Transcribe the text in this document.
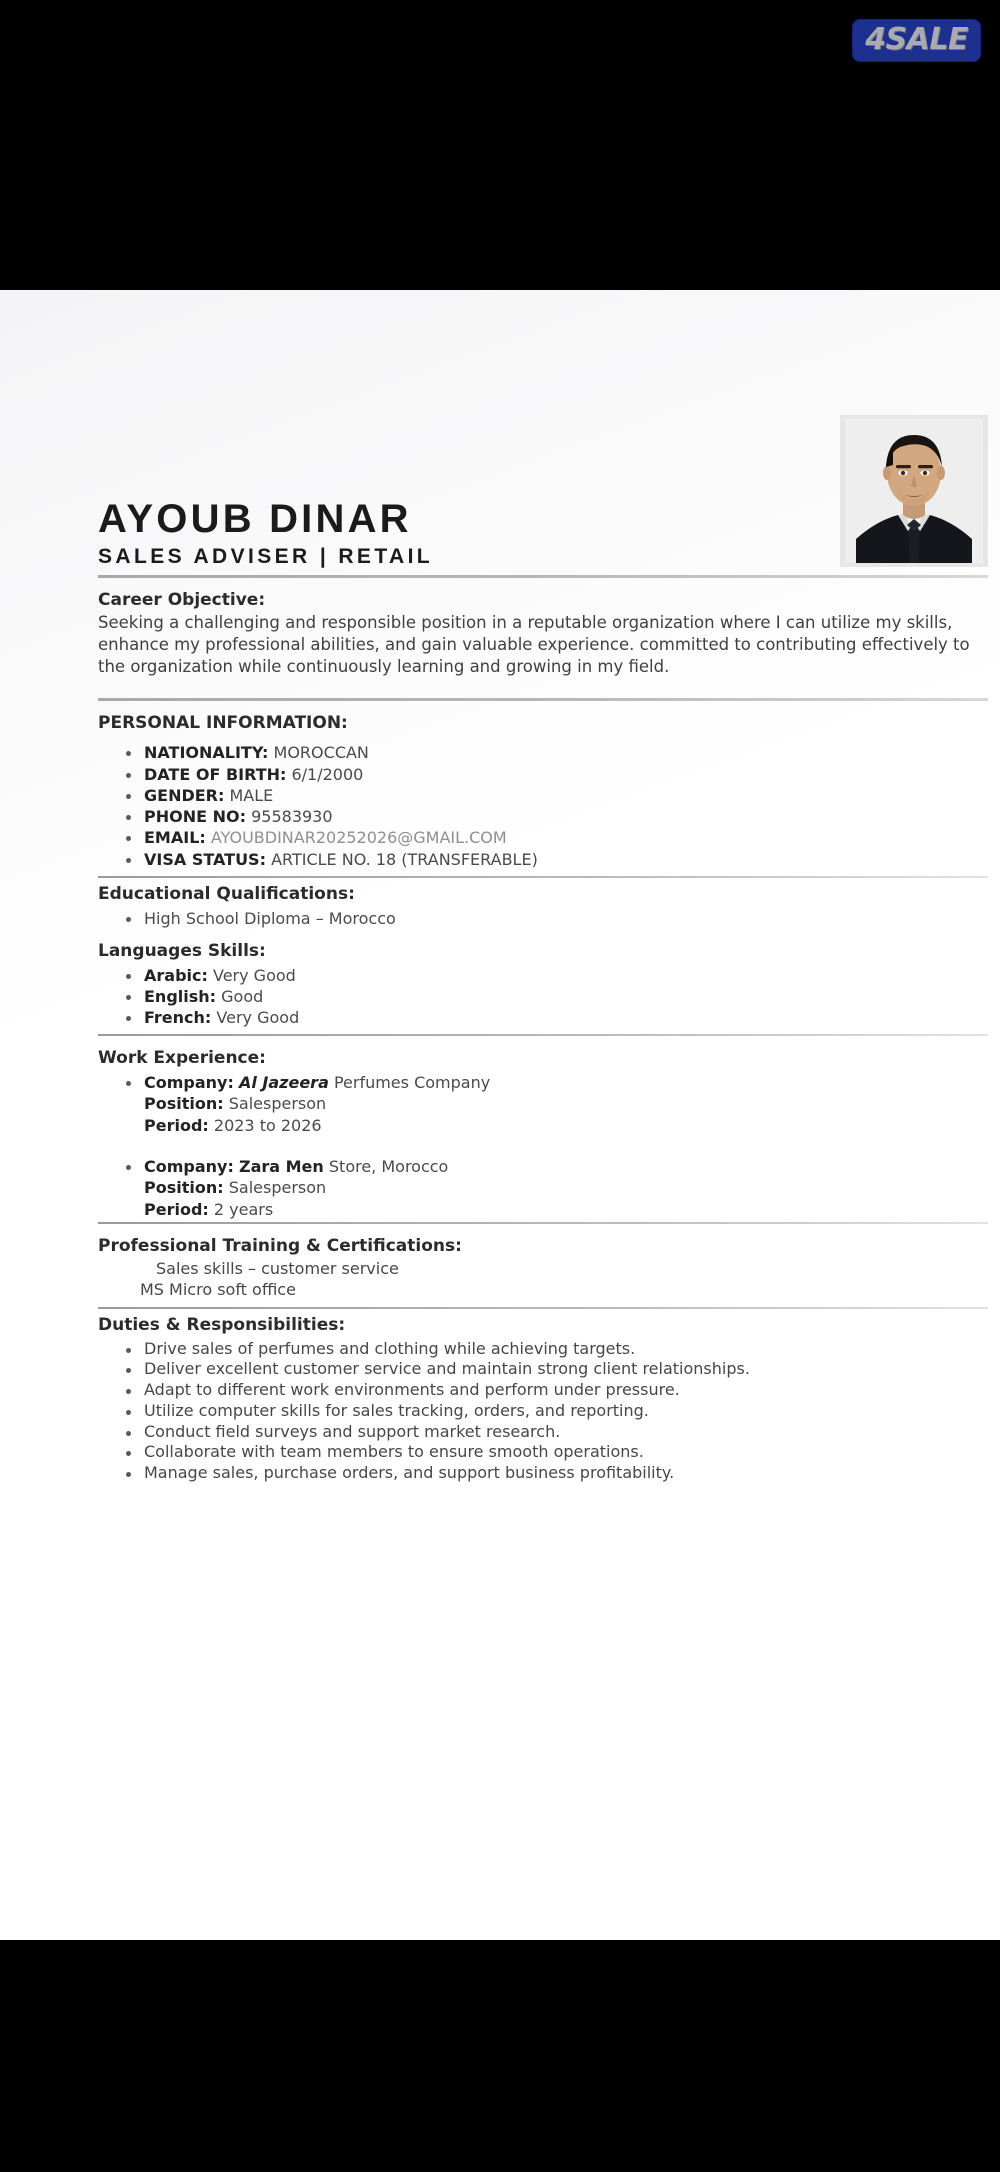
4SALE
AYOUB DINAR
SALES ADVISER | RETAIL
Career Objective:

Seeking a challenging and responsible position in a reputable organization where I can utilize my skills, enhance my professional abilities, and gain valuable experience. committed to contributing effectively to the organization while continuously learning and growing in my field.

PERSONAL INFORMATION:
NATIONALITY: MOROCCAN
DATE OF BIRTH: 6/1/2000
GENDER: MALE
PHONE NO: 95583930
EMAIL: AYOUBDINAR20252026@GMAIL.COM
VISA STATUS: ARTICLE NO. 18 (TRANSFERABLE)
Educational Qualifications:
High School Diploma – Morocco
Languages Skills:
Arabic: Very Good
English: Good
French: Very Good
Work Experience:
Company: Al Jazeera Perfumes Company
Position: Salesperson
Period: 2023 to 2026
Company: Zara Men Store, Morocco
Position: Salesperson
Period: 2 years
Professional Training & Certifications:
Sales skills – customer service
MS Micro soft office
Duties & Responsibilities:
Drive sales of perfumes and clothing while achieving targets.
Deliver excellent customer service and maintain strong client relationships.
Adapt to different work environments and perform under pressure.
Utilize computer skills for sales tracking, orders, and reporting.
Conduct field surveys and support market research.
Collaborate with team members to ensure smooth operations.
Manage sales, purchase orders, and support business profitability.
